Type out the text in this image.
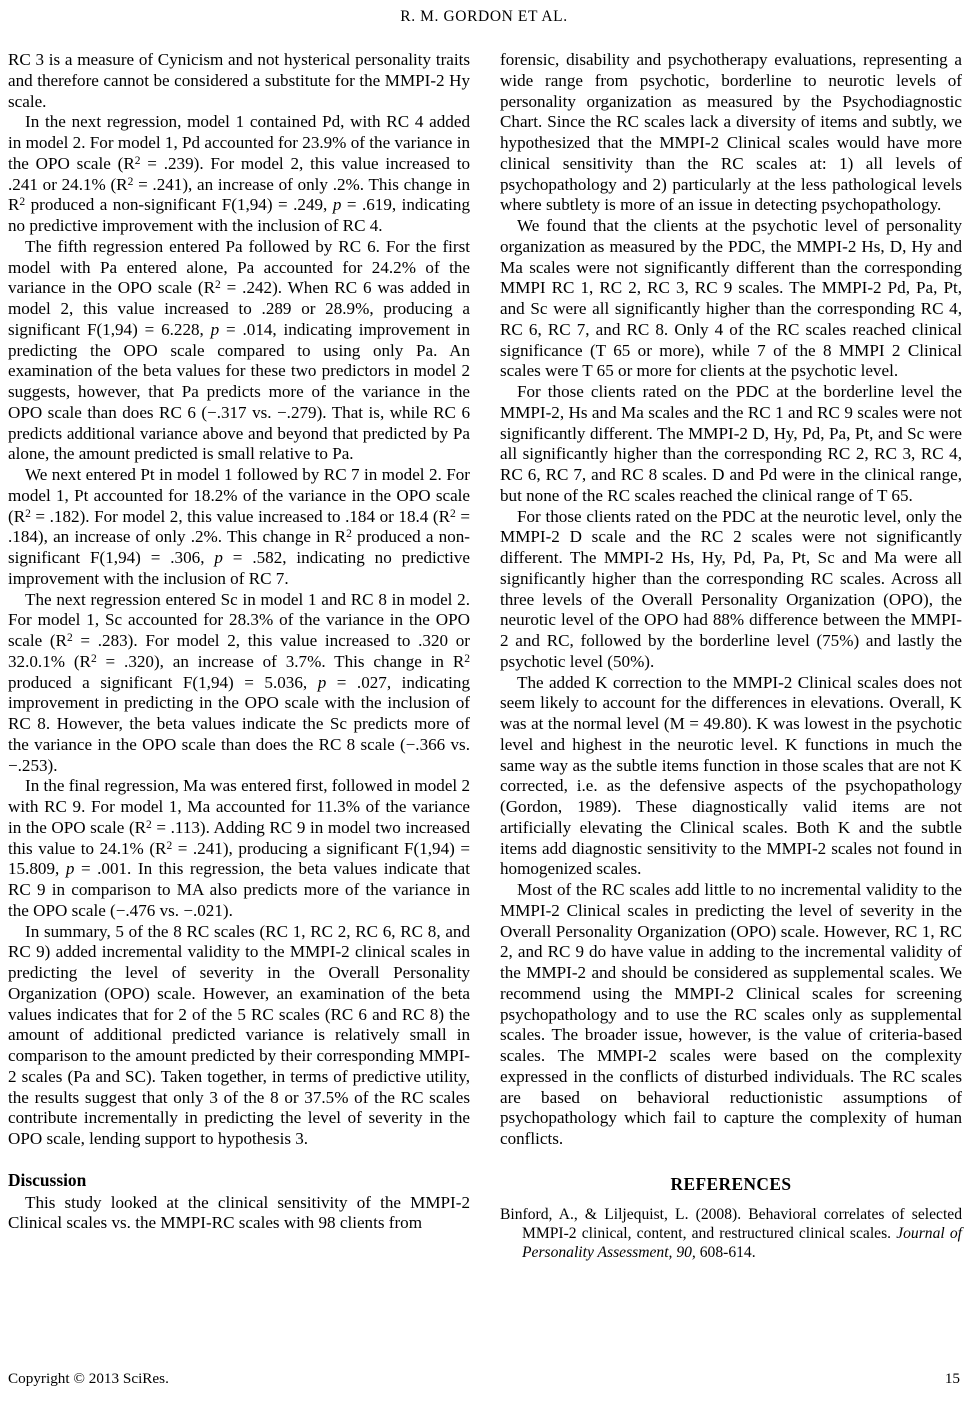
R. M. GORDON ET AL.

RC 3 is a measure of Cynicism and not hysterical personality traits and therefore cannot be considered a substitute for the MMPI-2 Hy scale.

In the next regression, model 1 contained Pd, with RC 4 added in model 2. For model 1, Pd accounted for 23.9% of the variance in the OPO scale $(R^2 = .239)$. For model 2, this value increased to .241 or 24.1% $(R^2 = .241)$, an increase of only .2%. This change in $R^2$ produced a non-significant F(1,94) = .249, p = .619, indicating no predictive improvement with the inclusion of RC 4.

The fifth regression entered Pa followed by RC 6. For the first model with Pa entered alone, Pa accounted for 24.2% of the variance in the OPO scale $(R^2 = .242)$. When RC 6 was added in model 2, this value increased to .289 or 28.9%, producing a significant F(1,94) = 6.228, p = .014, indicating improvement in predicting the OPO scale compared to using only Pa. An examination of the beta values for these two predictors in model 2 suggests, however, that Pa predicts more of the variance in the OPO scale than does RC 6 (−.317 vs. −.279). That is, while RC 6 predicts additional variance above and beyond that predicted by Pa alone, the amount predicted is small relative to Pa.

We next entered Pt in model 1 followed by RC 7 in model 2. For model 1, Pt accounted for 18.2% of the variance in the OPO scale $(R^2 = .182)$. For model 2, this value increased to .184 or 18.4 $(R^2 = .184)$, an increase of only .2%. This change in $R^2$ produced a non-significant F(1,94) = .306, p = .582, indicating no predictive improvement with the inclusion of RC 7.

The next regression entered Sc in model 1 and RC 8 in model 2. For model 1, Sc accounted for 28.3% of the variance in the OPO scale $(R^2 = .283)$. For model 2, this value increased to .320 or 32.0.1% $(R^2 = .320)$, an increase of 3.7%. This change in $R^2$ produced a significant F(1,94) = 5.036, p = .027, indicating improvement in predicting in the OPO scale with the inclusion of RC 8. However, the beta values indicate the Sc predicts more of the variance in the OPO scale than does the RC 8 scale (−.366 vs. −.253).

In the final regression, Ma was entered first, followed in model 2 with RC 9. For model 1, Ma accounted for 11.3% of the variance in the OPO scale $(R^2 = .113)$. Adding RC 9 in model two increased this value to 24.1% $(R^2 = .241)$, producing a significant F(1,94) = 15.809, p = .001. In this regression, the beta values indicate that RC 9 in comparison to MA also predicts more of the variance in the OPO scale (−.476 vs. −.021).

In summary, 5 of the 8 RC scales (RC 1, RC 2, RC 6, RC 8, and RC 9) added incremental validity to the MMPI-2 clinical scales in predicting the level of severity in the Overall Personality Organization (OPO) scale. However, an examination of the beta values indicates that for 2 of the 5 RC scales (RC 6 and RC 8) the amount of additional predicted variance is relatively small in comparison to the amount predicted by their corresponding MMPI-2 scales (Pa and SC). Taken together, in terms of predictive utility, the results suggest that only 3 of the 8 or 37.5% of the RC scales contribute incrementally in predicting the level of severity in the OPO scale, lending support to hypothesis 3.

Discussion

This study looked at the clinical sensitivity of the MMPI-2 Clinical scales vs. the MMPI-RC scales with 98 clients from

forensic, disability and psychotherapy evaluations, representing a wide range from psychotic, borderline to neurotic levels of personality organization as measured by the Psychodiagnostic Chart. Since the RC scales lack a diversity of items and subtly, we hypothesized that the MMPI-2 Clinical scales would have more clinical sensitivity than the RC scales at: 1) all levels of psychopathology and 2) particularly at the less pathological levels where subtlety is more of an issue in detecting psychopathology.

We found that the clients at the psychotic level of personality organization as measured by the PDC, the MMPI-2 Hs, D, Hy and Ma scales were not significantly different than the corresponding MMPI RC 1, RC 2, RC 3, RC 9 scales. The MMPI-2 Pd, Pa, Pt, and Sc were all significantly higher than the corresponding RC 4, RC 6, RC 7, and RC 8. Only 4 of the RC scales reached clinical significance (T 65 or more), while 7 of the 8 MMPI 2 Clinical scales were T 65 or more for clients at the psychotic level.

For those clients rated on the PDC at the borderline level the MMPI-2, Hs and Ma scales and the RC 1 and RC 9 scales were not significantly different. The MMPI-2 D, Hy, Pd, Pa, Pt, and Sc were all significantly higher than the corresponding RC 2, RC 3, RC 4, RC 6, RC 7, and RC 8 scales. D and Pd were in the clinical range, but none of the RC scales reached the clinical range of T 65.

For those clients rated on the PDC at the neurotic level, only the MMPI-2 D scale and the RC 2 scales were not significantly different. The MMPI-2 Hs, Hy, Pd, Pa, Pt, Sc and Ma were all significantly higher than the corresponding RC scales. Across all three levels of the Overall Personality Organization (OPO), the neurotic level of the OPO had 88% difference between the MMPI-2 and RC, followed by the borderline level (75%) and lastly the psychotic level (50%).

The added K correction to the MMPI-2 Clinical scales does not seem likely to account for the differences in elevations. Overall, K was at the normal level (M = 49.80). K was lowest in the psychotic level and highest in the neurotic level. K functions in much the same way as the subtle items function in those scales that are not K corrected, i.e. as the defensive aspects of the psychopathology (Gordon, 1989). These diagnostically valid items are not artificially elevating the Clinical scales. Both K and the subtle items add diagnostic sensitivity to the MMPI-2 scales not found in homogenized scales.

Most of the RC scales add little to no incremental validity to the MMPI-2 Clinical scales in predicting the level of severity in the Overall Personality Organization (OPO) scale. However, RC 1, RC 2, and RC 9 do have value in adding to the incremental validity of the MMPI-2 and should be considered as supplemental scales. We recommend using the MMPI-2 Clinical scales for screening psychopathology and to use the RC scales only as supplemental scales. The broader issue, however, is the value of criteria-based scales. The MMPI-2 scales were based on the complexity expressed in the conflicts of disturbed individuals. The RC scales are based on behavioral reductionistic assumptions of psychopathology which fail to capture the complexity of human conflicts.

REFERENCES

Binford, A., & Liljequist, L. (2008). Behavioral correlates of selected MMPI-2 clinical, content, and restructured clinical scales. Journal of Personality Assessment, 90, 608-614.

Copyright © 2013 SciRes.	15
